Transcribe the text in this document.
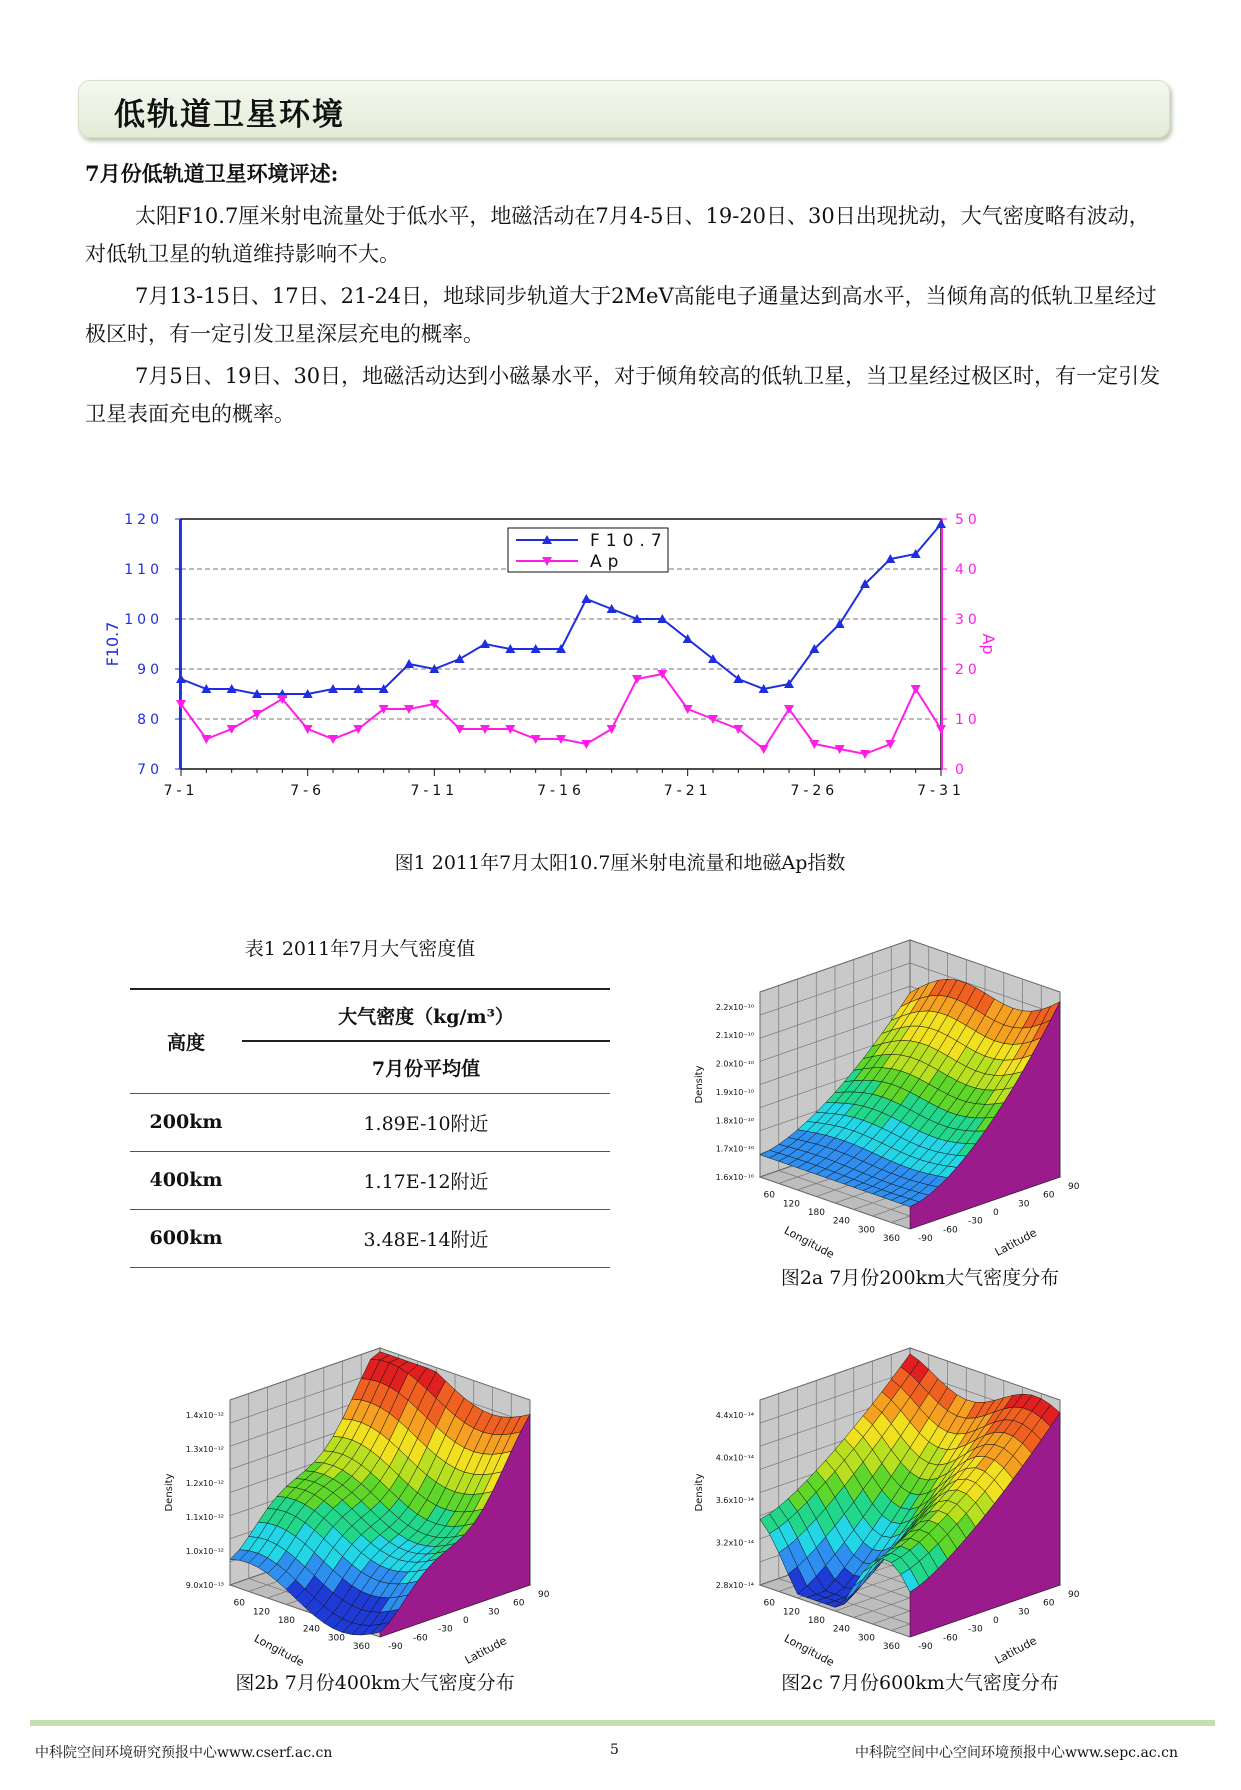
低轨道卫星环境
7月份低轨道卫星环境评述:
太阳F10.7厘米射电流量处于低水平，地磁活动在7月4-5日、19-20日、30日出现扰动，大气密度略有波动，对低轨卫星的轨道维持影响不大。
7月13-15日、17日、21-24日，地球同步轨道大于2MeV高能电子通量达到高水平，当倾角高的低轨卫星经过极区时，有一定引发卫星深层充电的概率。
7月5日、19日、30日，地磁活动达到小磁暴水平，对于倾角较高的低轨卫星，当卫星经过极区时，有一定引发卫星表面充电的概率。
70
80
90
100
110
120
0
10
20
30
40
50
7-1	7-6	7-11	7-16	7-21	7-26	7-31
F10.7	Ap
F10.7
Ap
图1 2011年7月太阳10.7厘米射电流量和地磁Ap指数
表1 2011年7月大气密度值
高度	大气密度（kg/m³）
	7月份平均值
200km	1.89E-10附近
400km	1.17E-12附近
600km	3.48E-14附近
2.2x10⁻¹⁰
2.1x10⁻¹⁰
2.0x10⁻¹⁰
1.9x10⁻¹⁰
1.8x10⁻¹⁰
1.7x10⁻¹⁰
1.6x10⁻¹⁰
Density
60
120
180
240
300
360
Longitude
90
60
30
0
-30
-60
-90	Latitude
图2a 7月份200km大气密度分布
1.4x10⁻¹²
1.3x10⁻¹²
1.2x10⁻¹²
1.1x10⁻¹²
1.0x10⁻¹²
9.0x10⁻¹³
Density
60
120
180
240
300
360
Longitude
90
60
30
0
-30
-60
-90	Latitude
图2b 7月份400km大气密度分布
4.4x10⁻¹⁴
4.0x10⁻¹⁴
3.6x10⁻¹⁴
3.2x10⁻¹⁴
2.8x10⁻¹⁴
Density
60
120
180
240
300
360
Longitude
90
60
30
0
-30
-60
-90	Latitude
图2c 7月份600km大气密度分布
中科院空间环境研究预报中心www.cserf.ac.cn	5	中科院空间中心空间环境预报中心www.sepc.ac.cn
